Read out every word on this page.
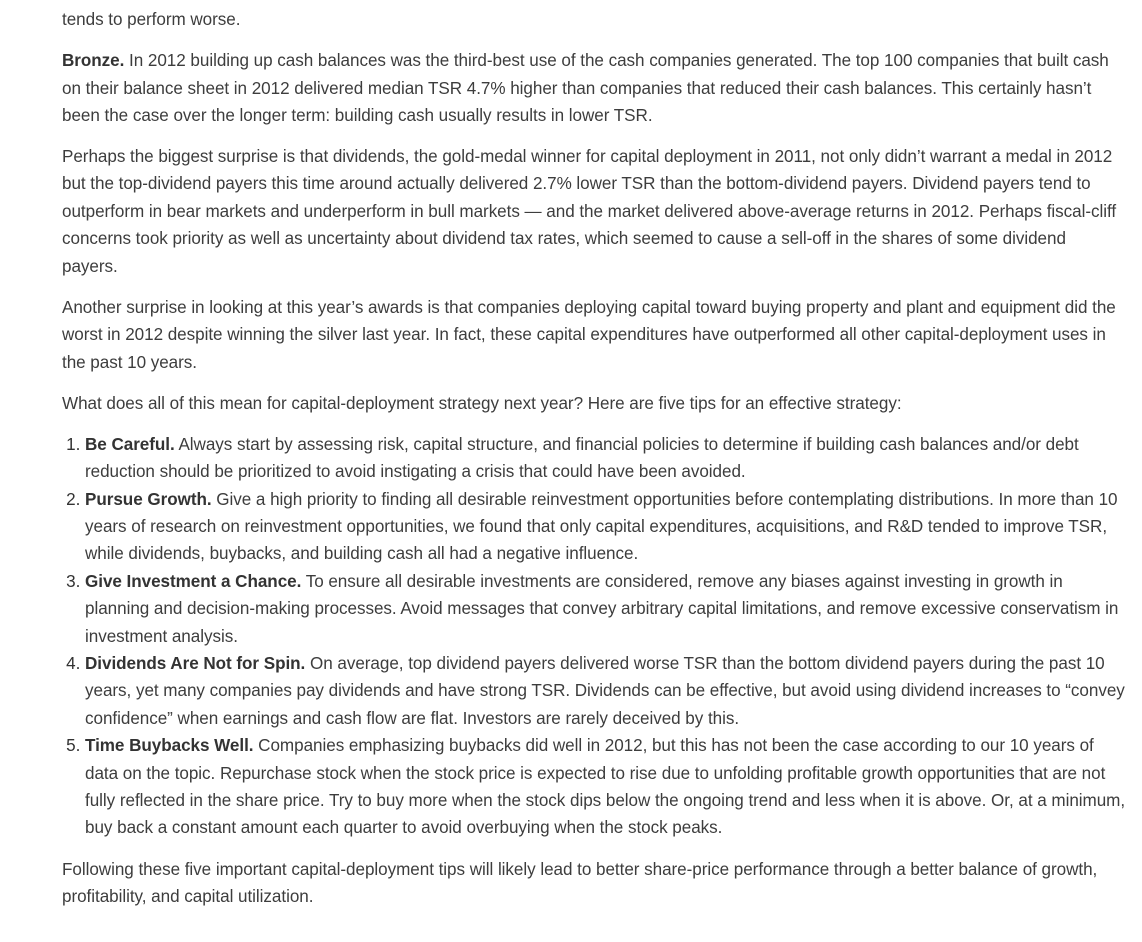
tends to perform worse.

Bronze. In 2012 building up cash balances was the third-best use of the cash companies generated. The top 100 companies that built cash on their balance sheet in 2012 delivered median TSR 4.7% higher than companies that reduced their cash balances. This certainly hasn’t been the case over the longer term: building cash usually results in lower TSR.

Perhaps the biggest surprise is that dividends, the gold-medal winner for capital deployment in 2011, not only didn’t warrant a medal in 2012 but the top-dividend payers this time around actually delivered 2.7% lower TSR than the bottom-dividend payers. Dividend payers tend to outperform in bear markets and underperform in bull markets — and the market delivered above-average returns in 2012. Perhaps fiscal-cliff concerns took priority as well as uncertainty about dividend tax rates, which seemed to cause a sell-off in the shares of some dividend payers.

Another surprise in looking at this year’s awards is that companies deploying capital toward buying property and plant and equipment did the worst in 2012 despite winning the silver last year. In fact, these capital expenditures have outperformed all other capital-deployment uses in the past 10 years.

What does all of this mean for capital-deployment strategy next year? Here are five tips for an effective strategy:

1. Be Careful. Always start by assessing risk, capital structure, and financial policies to determine if building cash balances and/or debt reduction should be prioritized to avoid instigating a crisis that could have been avoided.
2. Pursue Growth. Give a high priority to finding all desirable reinvestment opportunities before contemplating distributions. In more than 10 years of research on reinvestment opportunities, we found that only capital expenditures, acquisitions, and R&D tended to improve TSR, while dividends, buybacks, and building cash all had a negative influence.
3. Give Investment a Chance. To ensure all desirable investments are considered, remove any biases against investing in growth in planning and decision-making processes. Avoid messages that convey arbitrary capital limitations, and remove excessive conservatism in investment analysis.
4. Dividends Are Not for Spin. On average, top dividend payers delivered worse TSR than the bottom dividend payers during the past 10 years, yet many companies pay dividends and have strong TSR. Dividends can be effective, but avoid using dividend increases to “convey confidence” when earnings and cash flow are flat. Investors are rarely deceived by this.
5. Time Buybacks Well. Companies emphasizing buybacks did well in 2012, but this has not been the case according to our 10 years of data on the topic. Repurchase stock when the stock price is expected to rise due to unfolding profitable growth opportunities that are not fully reflected in the share price. Try to buy more when the stock dips below the ongoing trend and less when it is above. Or, at a minimum, buy back a constant amount each quarter to avoid overbuying when the stock peaks.

Following these five important capital-deployment tips will likely lead to better share-price performance through a better balance of growth, profitability, and capital utilization.
